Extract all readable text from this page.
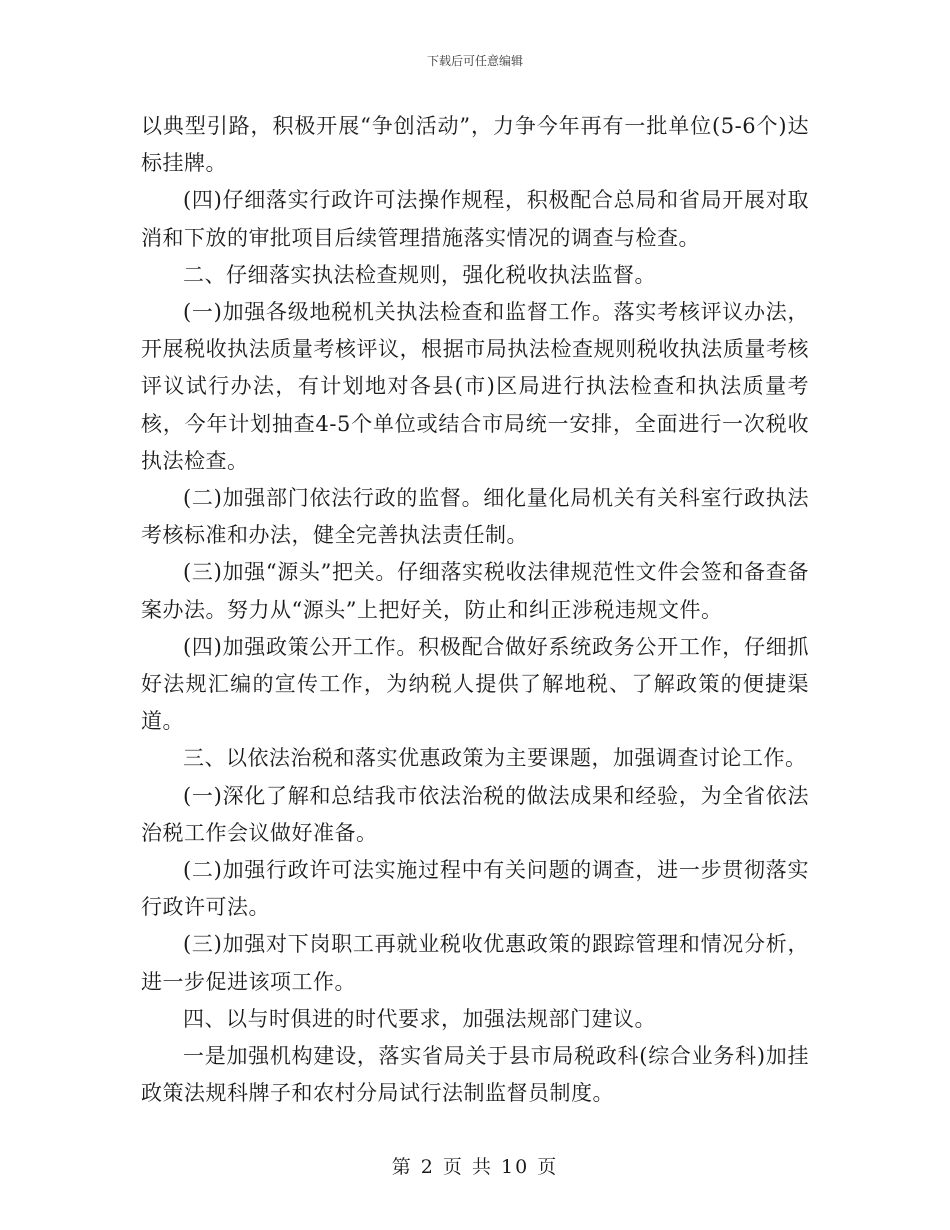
下载后可任意编辑

以典型引路，积极开展“争创活动”，力争今年再有一批单位(5-6个)达标挂牌。

(四)仔细落实行政许可法操作规程，积极配合总局和省局开展对取消和下放的审批项目后续管理措施落实情况的调查与检查。

二、仔细落实执法检查规则，强化税收执法监督。

(一)加强各级地税机关执法检查和监督工作。落实考核评议办法，开展税收执法质量考核评议，根据市局执法检查规则税收执法质量考核评议试行办法，有计划地对各县(市)区局进行执法检查和执法质量考核，今年计划抽查4-5个单位或结合市局统一安排，全面进行一次税收执法检查。

(二)加强部门依法行政的监督。细化量化局机关有关科室行政执法考核标准和办法，健全完善执法责任制。

(三)加强“源头”把关。仔细落实税收法律规范性文件会签和备查备案办法。努力从“源头”上把好关，防止和纠正涉税违规文件。

(四)加强政策公开工作。积极配合做好系统政务公开工作，仔细抓好法规汇编的宣传工作，为纳税人提供了解地税、了解政策的便捷渠道。

三、以依法治税和落实优惠政策为主要课题，加强调查讨论工作。

(一)深化了解和总结我市依法治税的做法成果和经验，为全省依法治税工作会议做好准备。

(二)加强行政许可法实施过程中有关问题的调查，进一步贯彻落实行政许可法。

(三)加强对下岗职工再就业税收优惠政策的跟踪管理和情况分析，进一步促进该项工作。

四、以与时俱进的时代要求，加强法规部门建议。

一是加强机构建设，落实省局关于县市局税政科(综合业务科)加挂政策法规科牌子和农村分局试行法制监督员制度。

第 2 页 共 10 页
